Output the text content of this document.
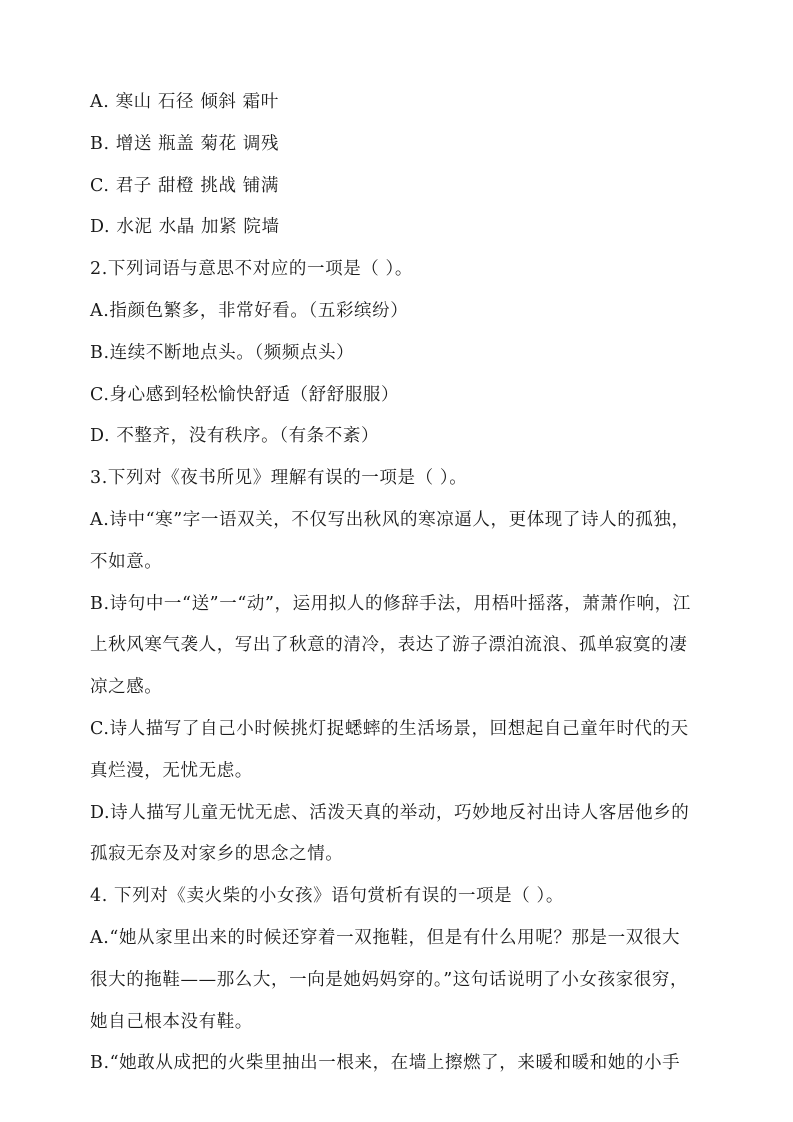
A. 寒山 石径 倾斜 霜叶
B. 增送 瓶盖 菊花 调残
C. 君子 甜橙 挑战 铺满
D. 水泥 水晶 加紧 院墙
2.下列词语与意思不对应的一项是（ ）。
A.指颜色繁多，非常好看。（五彩缤纷）
B.连续不断地点头。（频频点头）
C.身心感到轻松愉快舒适（舒舒服服）
D. 不整齐，没有秩序。（有条不紊）
3.下列对《夜书所见》理解有误的一项是（ ）。
A.诗中“寒”字一语双关，不仅写出秋风的寒凉逼人，更体现了诗人的孤独，
不如意。
B.诗句中一“送”一“动”，运用拟人的修辞手法，用梧叶摇落，萧萧作响，江
上秋风寒气袭人，写出了秋意的清冷，表达了游子漂泊流浪、孤单寂寞的凄
凉之感。
C.诗人描写了自己小时候挑灯捉蟋蟀的生活场景，回想起自己童年时代的天
真烂漫，无忧无虑。
D.诗人描写儿童无忧无虑、活泼天真的举动，巧妙地反衬出诗人客居他乡的
孤寂无奈及对家乡的思念之情。
4. 下列对《卖火柴的小女孩》语句赏析有误的一项是（ ）。
A.“她从家里出来的时候还穿着一双拖鞋，但是有什么用呢？那是一双很大
很大的拖鞋——那么大，一向是她妈妈穿的。”这句话说明了小女孩家很穷，
她自己根本没有鞋。
B.“她敢从成把的火柴里抽出一根来，在墙上擦燃了，来暖和暖和她的小手
